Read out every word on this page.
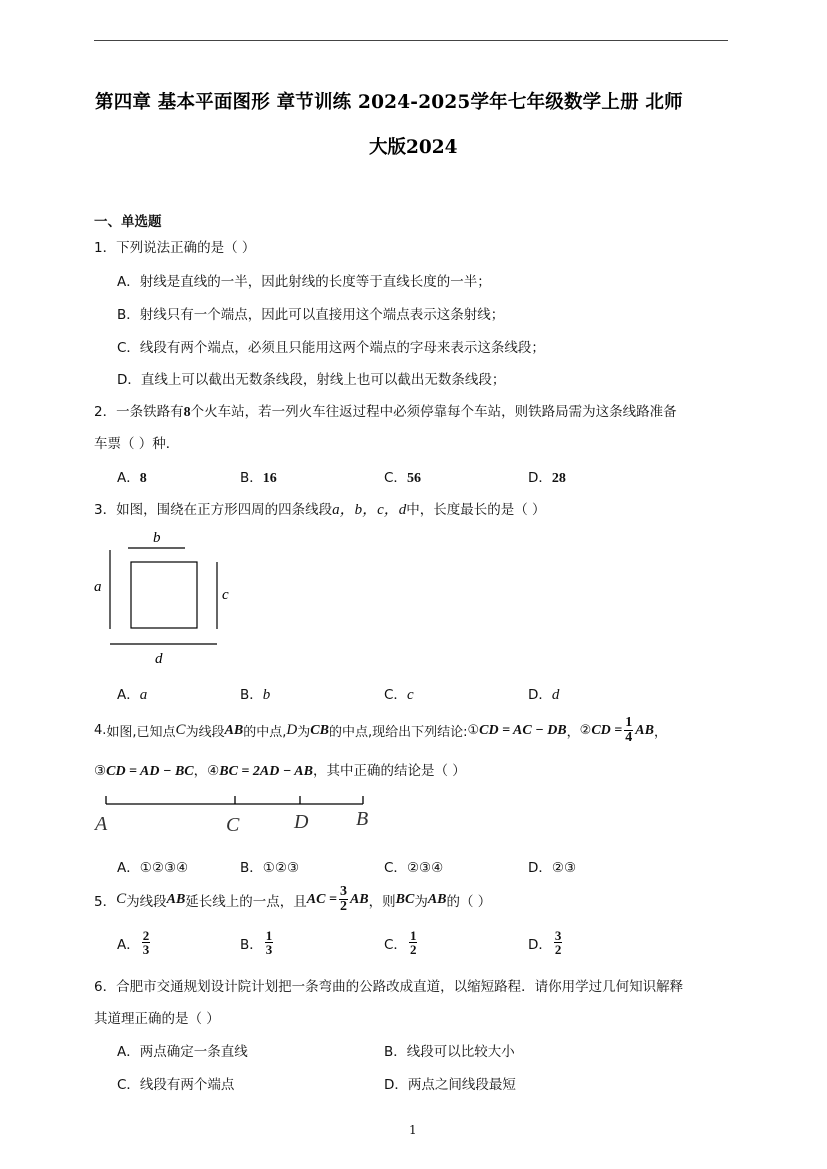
第四章 基本平面图形 章节训练 2024-2025学年七年级数学上册 北师
大版2024
一、单选题
1．下列说法正确的是（ ）
A．射线是直线的一半，因此射线的长度等于直线长度的一半；
B．射线只有一个端点，因此可以直接用这个端点表示这条射线；
C．线段有两个端点，必须且只能用这两个端点的字母来表示这条线段；
D．直线上可以截出无数条线段，射线上也可以截出无数条线段；
2．一条铁路有8个火车站，若一列火车往返过程中必须停靠每个车站，则铁路局需为这条线路准备
车票（ ）种．
A．8	B．16	C．56	D．28
3．如图，围绕在正方形四周的四条线段a，b，c，d中，长度最长的是（ ）
b
a	c
d
A．a	B．b	C．c	D．d
4. 如图,已知点 C 为线段 AB 的中点, D 为 CB 的中点,现给出下列结论: ① CD = AC − DB ， ② CD = $\frac{1}{4}$ AB ，
③CD = AD − BC，④BC = 2AD − AB，其中正确的结论是（ ）
A	C	D B
A．①②③④	B．①②③	C．②③④	D．②③
5． C 为线段 AB 延长线上的一点，且 AC = $\frac{3}{2}$ AB ，则 BC 为 AB 的（ ）
A． $\frac{2}{3}$	B． $\frac{1}{3}$	C． $\frac{1}{2}$	D． $\frac{3}{2}$
6．合肥市交通规划设计院计划把一条弯曲的公路改成直道，以缩短路程．请你用学过几何知识解释
其道理正确的是（ ）
A．两点确定一条直线	B．线段可以比较大小
C．线段有两个端点	D．两点之间线段最短
1
